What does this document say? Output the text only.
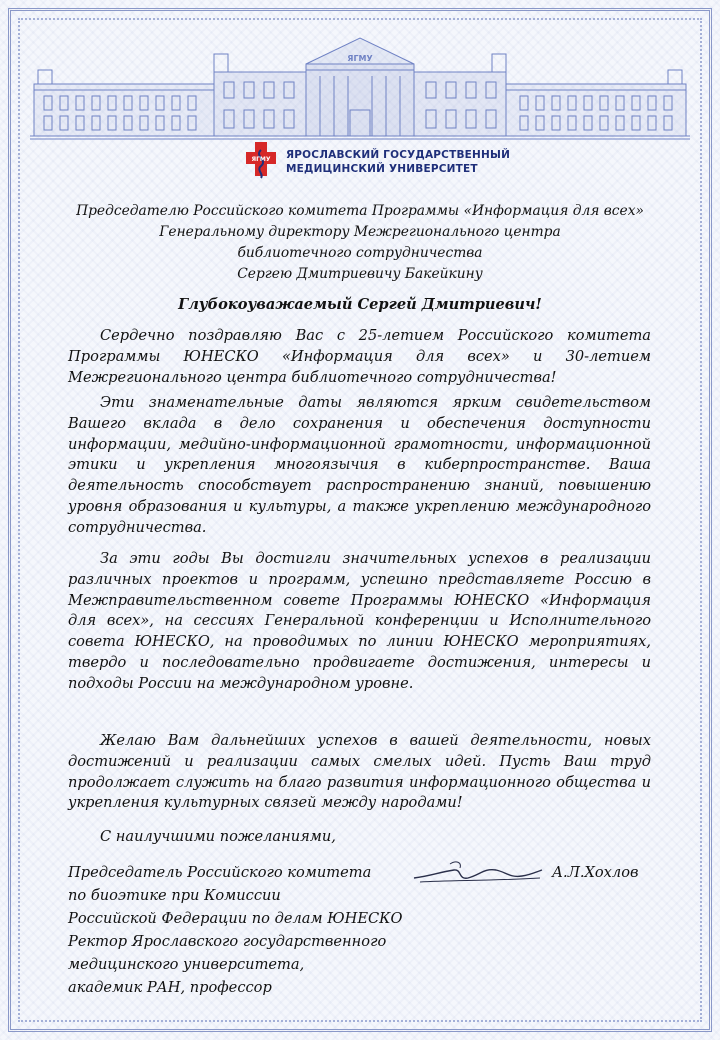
ЯГМУ
ЯГМУ ЯРОСЛАВСКИЙ ГОСУДАРСТВЕННЫЙ
МЕДИЦИНСКИЙ УНИВЕРСИТЕТ

Председателю Российского комитета Программы «Информация для всех»

Генеральному директору Межрегионального центра

библиотечного сотрудничества

Сергею Дмитриевичу Бакейкину

Глубокоуважаемый Сергей Дмитриевич!

Сердечно поздравляю Вас с 25-летием Российского комитета Программы ЮНЕСКО «Информация для всех» и 30-летием Межрегионального центра библиотечного сотрудничества!

Эти знаменательные даты являются ярким свидетельством Вашего вклада в дело сохранения и обеспечения доступности информации, медийно-информационной грамотности, информационной этики и укрепления многоязычия в киберпространстве. Ваша деятельность способствует распространению знаний, повышению уровня образования и культуры, а также укреплению международного сотрудничества.

За эти годы Вы достигли значительных успехов в реализации различных проектов и программ, успешно представляете Россию в Межправительственном совете Программы ЮНЕСКО «Информация для всех», на сессиях Генеральной конференции и Исполнительного совета ЮНЕСКО, на проводимых по линии ЮНЕСКО мероприятиях, твердо и последовательно продвигаете достижения, интересы и подходы России на международном уровне.

Желаю Вам дальнейших успехов в вашей деятельности, новых достижений и реализации самых смелых идей. Пусть Ваш труд продолжает служить на благо развития информационного общества и укрепления культурных связей между народами!

С наилучшими пожеланиями,

Председатель Российского комитета

по биоэтике при Комиссии

Российской Федерации по делам ЮНЕСКО

Ректор Ярославского государственного

медицинского университета,

академик РАН, профессор

А.Л.Хохлов
